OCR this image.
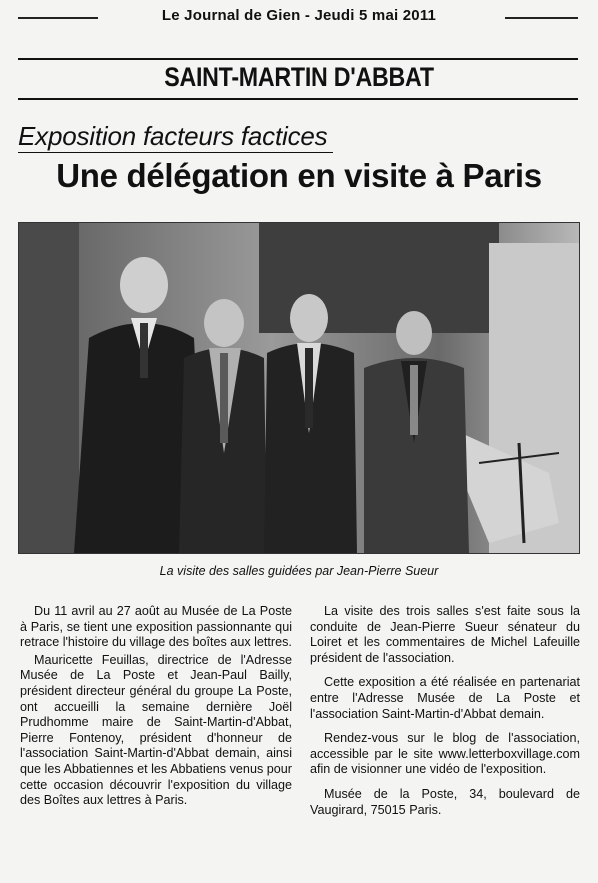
Le Journal de Gien - Jeudi 5 mai 2011
SAINT-MARTIN D'ABBAT
Exposition facteurs factices
Une délégation en visite à Paris
La visite des salles guidées par Jean-Pierre Sueur

Du 11 avril au 27 août au Musée de La Poste à Paris, se tient une exposition passionnante qui retrace l'histoire du village des boîtes aux lettres.

Mauricette Feuillas, directrice de l'Adresse Musée de La Poste et Jean-Paul Bailly, président directeur général du groupe La Poste, ont accueilli la semaine dernière Joël Prudhomme maire de Saint-Martin-d'Abbat, Pierre Fontenoy, président d'honneur de l'association Saint-Martin-d'Abbat demain, ainsi que les Abbatiennes et les Abbatiens venus pour cette occasion découvrir l'exposition du village des Boîtes aux lettres à Paris.

La visite des trois salles s'est faite sous la conduite de Jean-Pierre Sueur sénateur du Loiret et les commentaires de Michel Lafeuille président de l'association.

Cette exposition a été réalisée en partenariat entre l'Adresse Musée de La Poste et l'association Saint-Martin-d'Abbat demain.

Rendez-vous sur le blog de l'association, accessible par le site www.letterboxvillage.com afin de visionner une vidéo de l'exposition.

Musée de la Poste, 34, boulevard de Vaugirard, 75015 Paris.
